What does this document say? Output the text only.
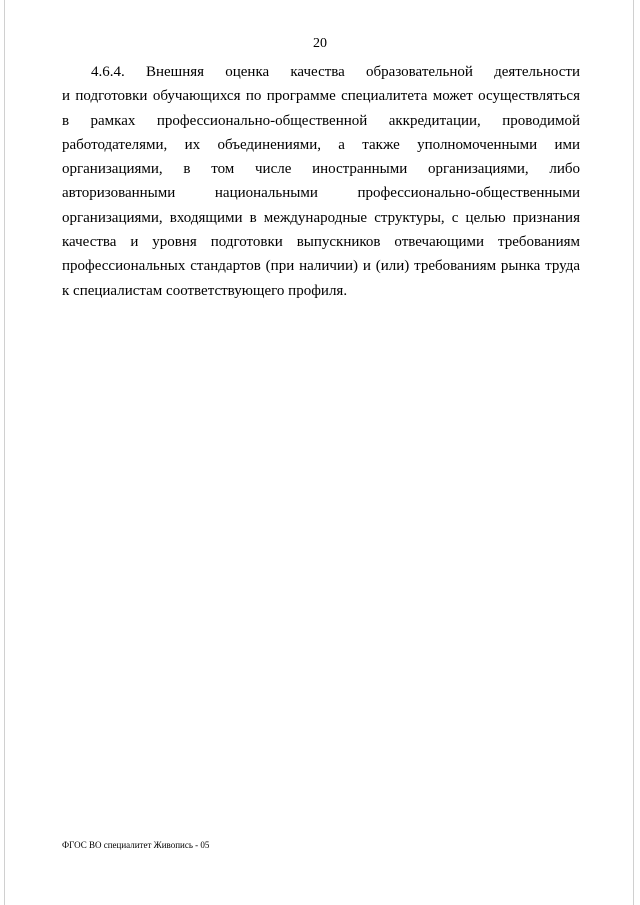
20
4.6.4. Внешняя оценка качества образовательной деятельности
и подготовки обучающихся по программе специалитета может осуществляться
в рамках профессионально-общественной аккредитации, проводимой
работодателями, их объединениями, а также уполномоченными ими
организациями, в том числе иностранными организациями, либо
авторизованными национальными профессионально-общественными
организациями, входящими в международные структуры, с целью признания
качества и уровня подготовки выпускников отвечающими требованиям
профессиональных стандартов (при наличии) и (или) требованиям рынка труда
к специалистам соответствующего профиля.
ФГОС ВО специалитет Живопись - 05
